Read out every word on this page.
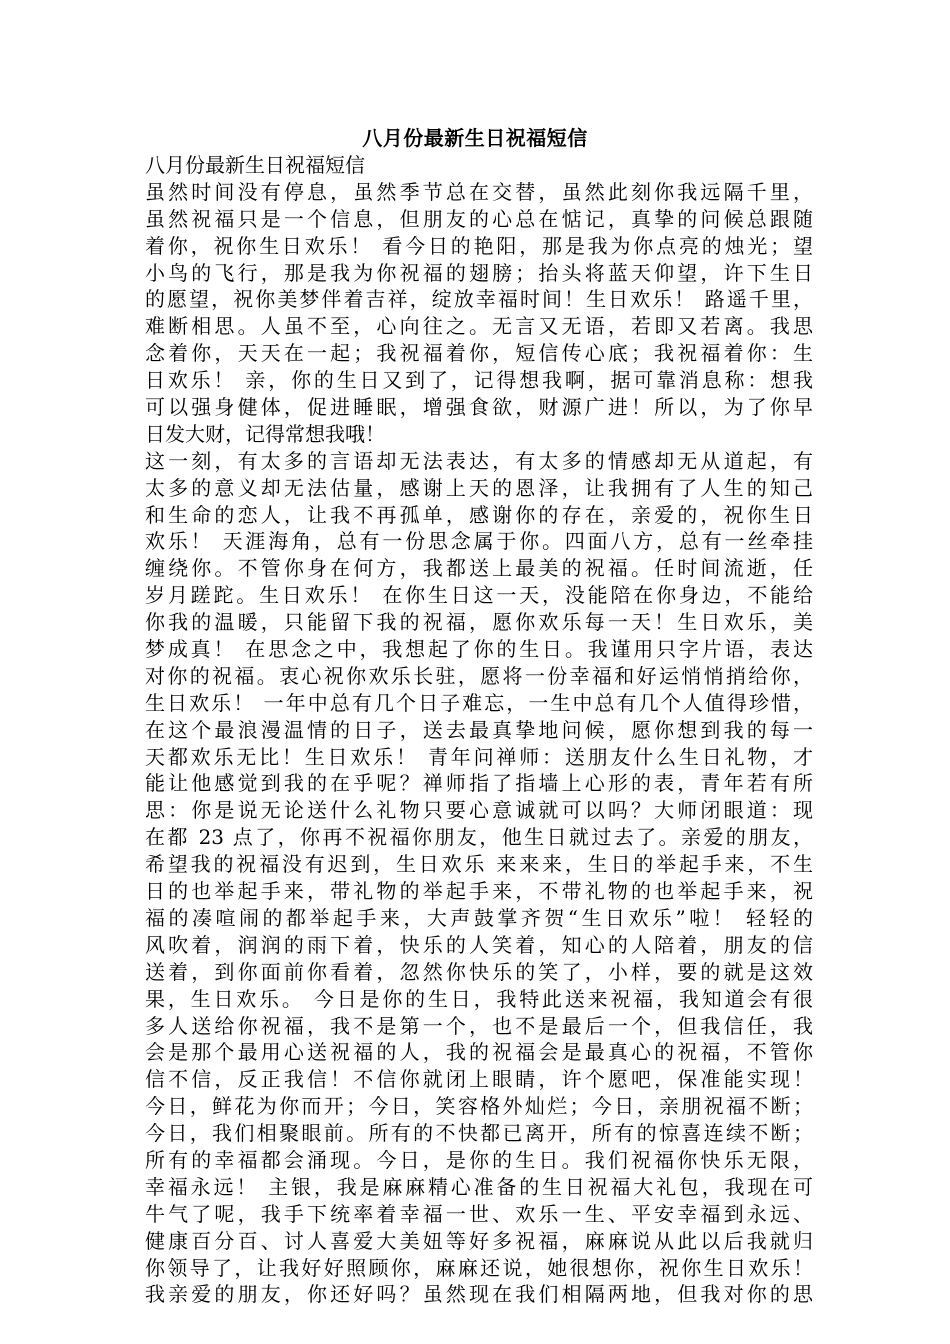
八月份最新生日祝福短信
八月份最新生日祝福短信
虽然时间没有停息，虽然季节总在交替，虽然此刻你我远隔千里，
虽然祝福只是一个信息，但朋友的心总在惦记，真挚的问候总跟随
着你，祝你生日欢乐！ 看今日的艳阳，那是我为你点亮的烛光；望
小鸟的飞行，那是我为你祝福的翅膀；抬头将蓝天仰望，许下生日
的愿望，祝你美梦伴着吉祥，绽放幸福时间！生日欢乐！ 路遥千里，
难断相思。人虽不至，心向往之。无言又无语，若即又若离。我思
念着你，天天在一起；我祝福着你，短信传心底；我祝福着你：生
日欢乐！ 亲，你的生日又到了，记得想我啊，据可靠消息称：想我
可以强身健体，促进睡眠，增强食欲，财源广进！所以，为了你早
日发大财，记得常想我哦！
这一刻，有太多的言语却无法表达，有太多的情感却无从道起，有
太多的意义却无法估量，感谢上天的恩泽，让我拥有了人生的知己
和生命的恋人，让我不再孤单，感谢你的存在，亲爱的，祝你生日
欢乐！ 天涯海角，总有一份思念属于你。四面八方，总有一丝牵挂
缠绕你。不管你身在何方，我都送上最美的祝福。任时间流逝，任
岁月蹉跎。生日欢乐！ 在你生日这一天，没能陪在你身边，不能给
你我的温暖，只能留下我的祝福，愿你欢乐每一天！生日欢乐，美
梦成真！ 在思念之中，我想起了你的生日。我谨用只字片语，表达
对你的祝福。衷心祝你欢乐长驻，愿将一份幸福和好运悄悄捎给你，
生日欢乐！ 一年中总有几个日子难忘，一生中总有几个人值得珍惜，
在这个最浪漫温情的日子，送去最真挚地问候，愿你想到我的每一
天都欢乐无比！生日欢乐！ 青年问禅师：送朋友什么生日礼物，才
能让他感觉到我的在乎呢？禅师指了指墙上心形的表，青年若有所
思：你是说无论送什么礼物只要心意诚就可以吗？大师闭眼道：现
在都 23 点了，你再不祝福你朋友，他生日就过去了。亲爱的朋友，
希望我的祝福没有迟到，生日欢乐 来来来，生日的举起手来，不生
日的也举起手来，带礼物的举起手来，不带礼物的也举起手来，祝
福的凑喧闹的都举起手来，大声鼓掌齐贺“生日欢乐”啦！ 轻轻的
风吹着，润润的雨下着，快乐的人笑着，知心的人陪着，朋友的信
送着，到你面前你看着，忽然你快乐的笑了，小样，要的就是这效
果，生日欢乐。 今日是你的生日，我特此送来祝福，我知道会有很
多人送给你祝福，我不是第一个，也不是最后一个，但我信任，我
会是那个最用心送祝福的人，我的祝福会是最真心的祝福，不管你
信不信，反正我信！不信你就闭上眼睛，许个愿吧，保准能实现！
今日，鲜花为你而开；今日，笑容格外灿烂；今日，亲朋祝福不断；
今日，我们相聚眼前。所有的不快都已离开，所有的惊喜连续不断；
所有的幸福都会涌现。今日，是你的生日。我们祝福你快乐无限，
幸福永远！ 主银，我是麻麻精心准备的生日祝福大礼包，我现在可
牛气了呢，我手下统率着幸福一世、欢乐一生、平安幸福到永远、
健康百分百、讨人喜爱大美妞等好多祝福，麻麻说从此以后我就归
你领导了，让我好好照顾你，麻麻还说，她很想你，祝你生日欢乐！
我亲爱的朋友，你还好吗？虽然现在我们相隔两地，但我对你的思
